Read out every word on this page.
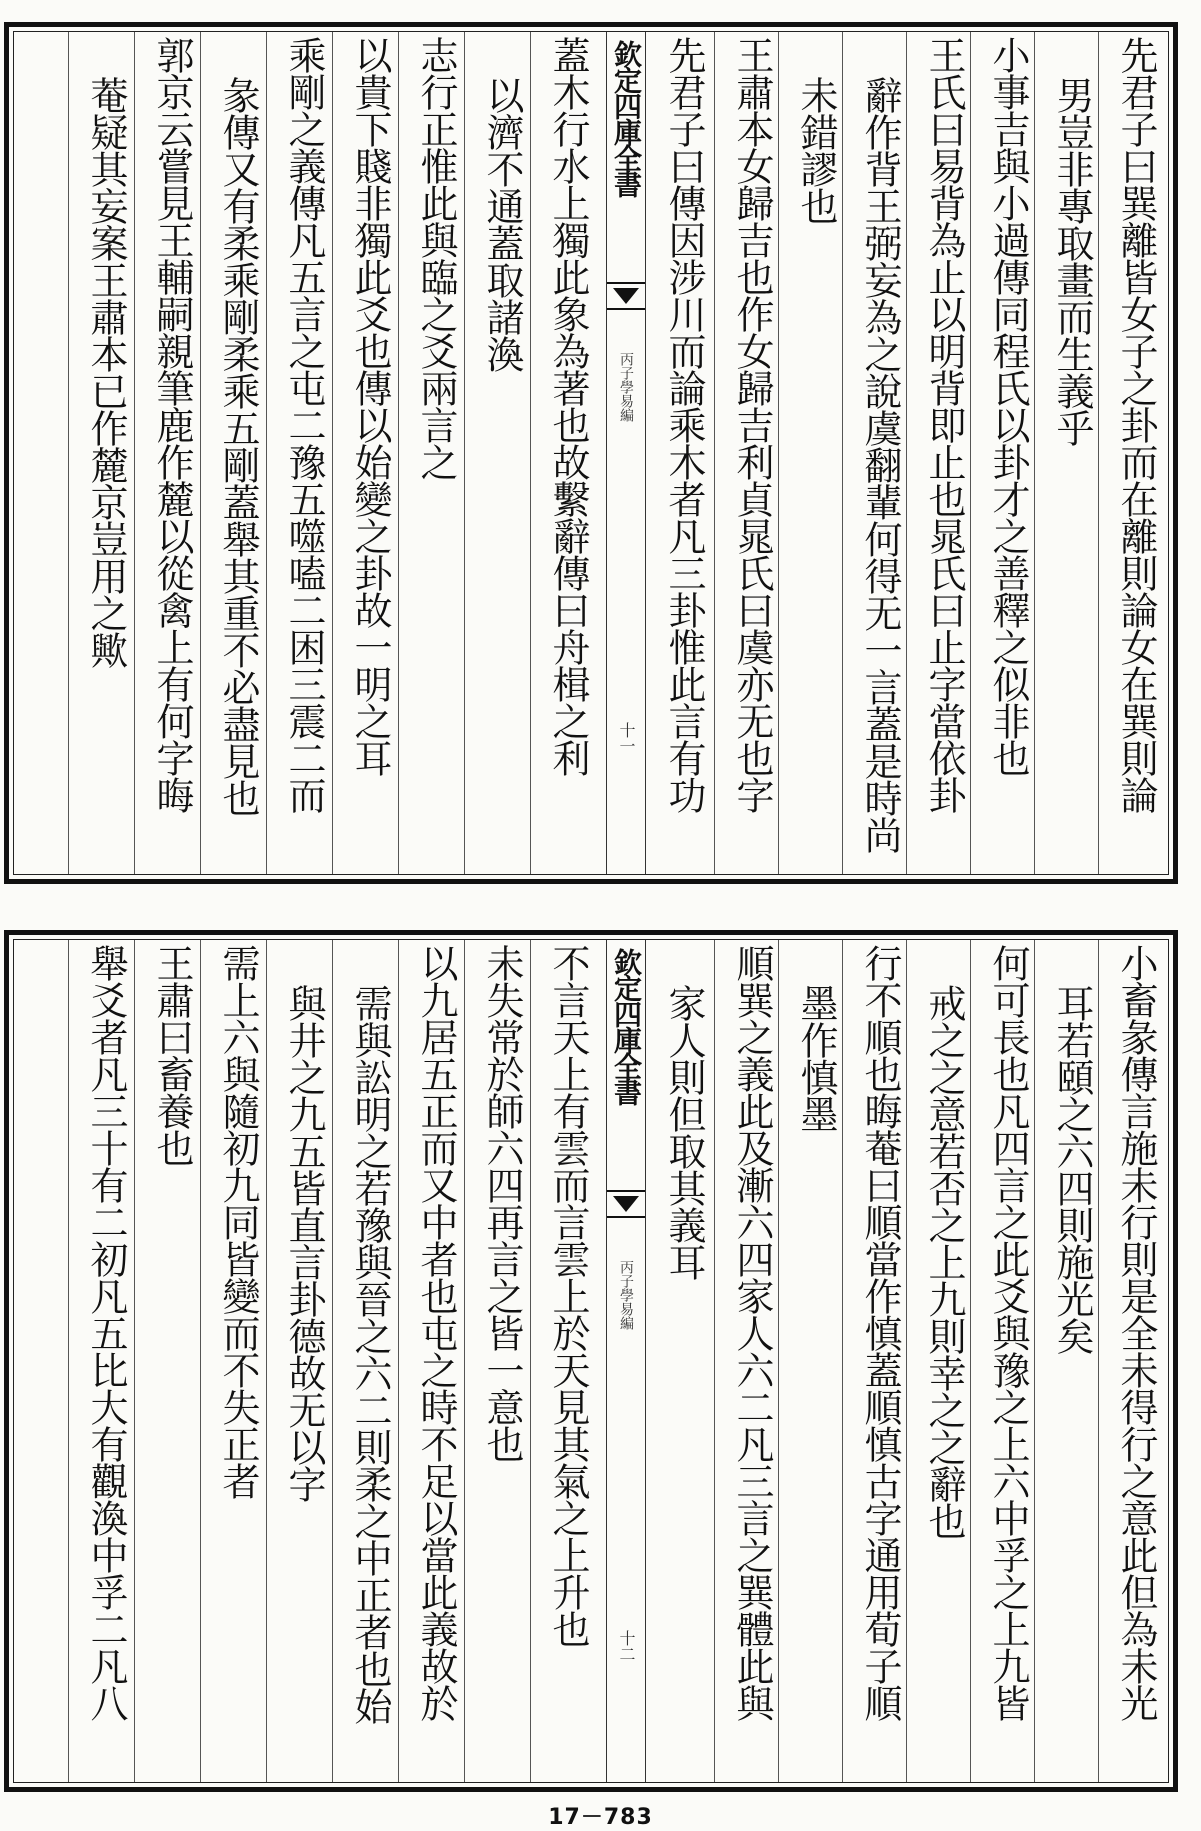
先君子曰巽離皆女子之卦而在離則論女在巽則論
男豈非專取畫而生義乎
小事吉與小過傳同程氏以卦才之善釋之似非也
王氏曰易背為止以明背即止也晁氏曰止字當依卦
辭作背王弼妄為之說虞翻輩何得无一言蓋是時尚
未錯謬也
王肅本女歸吉也作女歸吉利貞晁氏曰虞亦无也字
先君子曰傳因涉川而論乘木者凡三卦惟此言有功
欽定四庫全書
丙子學易編
十一
蓋木行水上獨此象為著也故繫辭傳曰舟楫之利
以濟不通蓋取諸渙
志行正惟此與臨之爻兩言之
以貴下賤非獨此爻也傳以始變之卦故一明之耳
乘剛之義傳凡五言之屯二豫五噬嗑二困三震二而
彖傳又有柔乘剛柔乘五剛蓋舉其重不必盡見也
郭京云嘗見王輔嗣親筆鹿作麓以從禽上有何字晦
菴疑其妄案王肅本已作麓京豈用之歟
小畜彖傳言施未行則是全未得行之意此但為未光
耳若頤之六四則施光矣
何可長也凡四言之此爻與豫之上六中孚之上九皆
戒之之意若否之上九則幸之之辭也
行不順也晦菴曰順當作慎蓋順慎古字通用荀子順
墨作慎墨
順巽之義此及漸六四家人六二凡三言之巽體此與
家人則但取其義耳
欽定四庫全書
丙子學易編
十二
不言天上有雲而言雲上於天見其氣之上升也
未失常於師六四再言之皆一意也
以九居五正而又中者也屯之時不足以當此義故於
需與訟明之若豫與晉之六二則柔之中正者也始
與井之九五皆直言卦德故无以字
需上六與隨初九同皆變而不失正者
王肅曰畜養也
舉爻者凡三十有二初凡五比大有觀渙中孚二凡八
17－783
